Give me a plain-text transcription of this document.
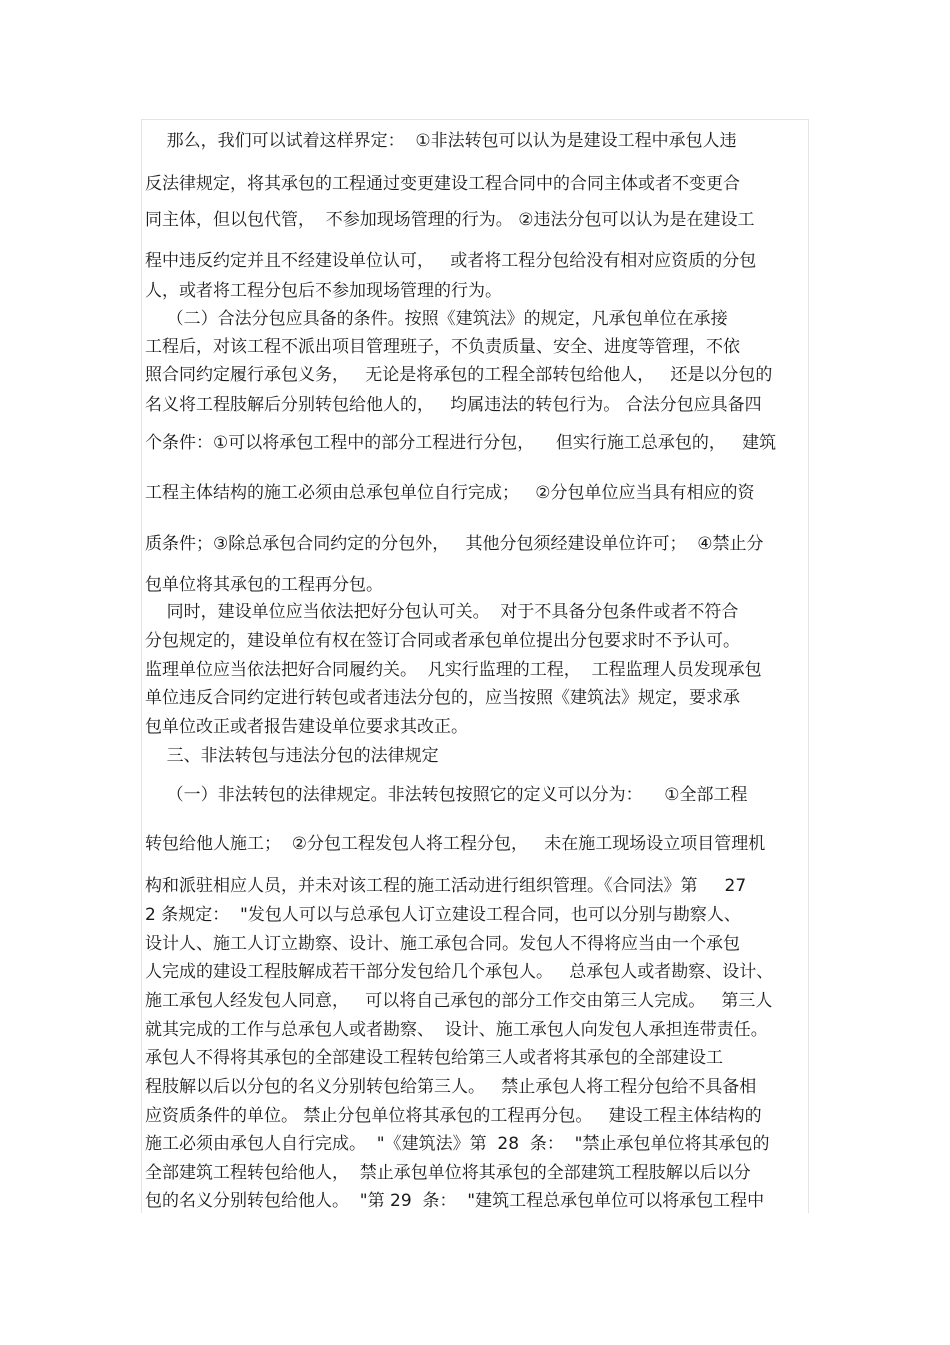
那么，我们可以试着这样界定：  ①非法转包可以认为是建设工程中承包人违
反法律规定，将其承包的工程通过变更建设工程合同中的合同主体或者不变更合
同主体，但以包代管，  不参加现场管理的行为。 ②违法分包可以认为是在建设工
程中违反约定并且不经建设单位认可，   或者将工程分包给没有相对应资质的分包
人，或者将工程分包后不参加现场管理的行为。
（二）合法分包应具备的条件。按照《建筑法》的规定，凡承包单位在承接
工程后，对该工程不派出项目管理班子，不负责质量、安全、进度等管理，不依
照合同约定履行承包义务，   无论是将承包的工程全部转包给他人，   还是以分包的
名义将工程肢解后分别转包给他人的，   均属违法的转包行为。 合法分包应具备四
个条件：①可以将承包工程中的部分工程进行分包，    但实行施工总承包的，   建筑
工程主体结构的施工必须由总承包单位自行完成；   ②分包单位应当具有相应的资
质条件；③除总承包合同约定的分包外，   其他分包须经建设单位许可；  ④禁止分
包单位将其承包的工程再分包。
同时，建设单位应当依法把好分包认可关。  对于不具备分包条件或者不符合
分包规定的，建设单位有权在签订合同或者承包单位提出分包要求时不予认可。
监理单位应当依法把好合同履约关。  凡实行监理的工程，  工程监理人员发现承包
单位违反合同约定进行转包或者违法分包的，应当按照《建筑法》规定，要求承
包单位改正或者报告建设单位要求其改正。
三、非法转包与违法分包的法律规定
（一）非法转包的法律规定。非法转包按照它的定义可以分为：    ①全部工程
转包给他人施工；  ②分包工程发包人将工程分包，   未在施工现场设立项目管理机
构和派驻相应人员，并未对该工程的施工活动进行组织管理。《合同法》第     27
2 条规定：  "发包人可以与总承包人订立建设工程合同，也可以分别与勘察人、
设计人、施工人订立勘察、设计、施工承包合同。发包人不得将应当由一个承包
人完成的建设工程肢解成若干部分发包给几个承包人。   总承包人或者勘察、设计、
施工承包人经发包人同意，   可以将自己承包的部分工作交由第三人完成。   第三人
就其完成的工作与总承包人或者勘察、  设计、施工承包人向发包人承担连带责任。
承包人不得将其承包的全部建设工程转包给第三人或者将其承包的全部建设工
程肢解以后以分包的名义分别转包给第三人。   禁止承包人将工程分包给不具备相
应资质条件的单位。 禁止分包单位将其承包的工程再分包。   建设工程主体结构的
施工必须由承包人自行完成。  "《建筑法》第  28  条：  "禁止承包单位将其承包的
全部建筑工程转包给他人，  禁止承包单位将其承包的全部建筑工程肢解以后以分
包的名义分别转包给他人。  "第 29  条：  "建筑工程总承包单位可以将承包工程中
